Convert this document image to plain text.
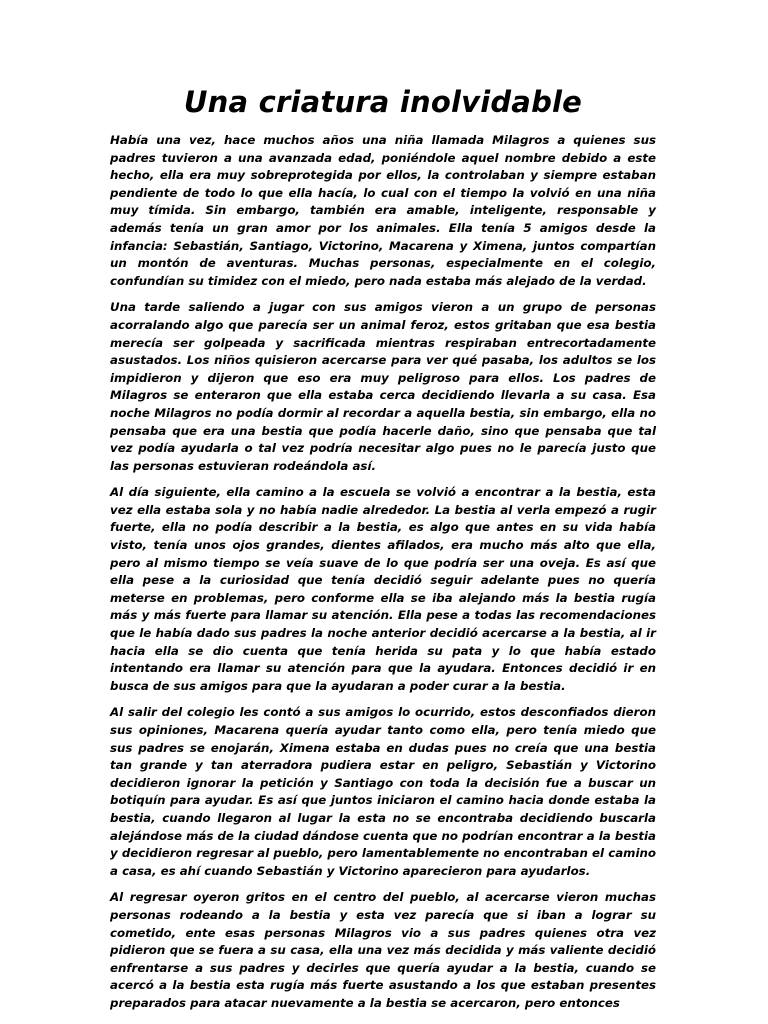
Una criatura inolvidable

Había una vez, hace muchos años una niña llamada Milagros a quienes sus padres tuvieron a una avanzada edad, poniéndole aquel nombre debido a este hecho, ella era muy sobreprotegida por ellos, la controlaban y siempre estaban pendiente de todo lo que ella hacía, lo cual con el tiempo la volvió en una niña muy tímida. Sin embargo, también era amable, inteligente, responsable y además tenía un gran amor por los animales. Ella tenía 5 amigos desde la infancia: Sebastián, Santiago, Victorino, Macarena y Ximena, juntos compartían un montón de aventuras. Muchas personas, especialmente en el colegio, confundían su timidez con el miedo, pero nada estaba más alejado de la verdad.

Una tarde saliendo a jugar con sus amigos vieron a un grupo de personas acorralando algo que parecía ser un animal feroz, estos gritaban que esa bestia merecía ser golpeada y sacrificada mientras respiraban entrecortadamente asustados. Los niños quisieron acercarse para ver qué pasaba, los adultos se los impidieron y dijeron que eso era muy peligroso para ellos. Los padres de Milagros se enteraron que ella estaba cerca decidiendo llevarla a su casa. Esa noche Milagros no podía dormir al recordar a aquella bestia, sin embargo, ella no pensaba que era una bestia que podía hacerle daño, sino que pensaba que tal vez podía ayudarla o tal vez podría necesitar algo pues no le parecía justo que las personas estuvieran rodeándola así.

Al día siguiente, ella camino a la escuela se volvió a encontrar a la bestia, esta vez ella estaba sola y no había nadie alrededor. La bestia al verla empezó a rugir fuerte, ella no podía describir a la bestia, es algo que antes en su vida había visto, tenía unos ojos grandes, dientes afilados, era mucho más alto que ella, pero al mismo tiempo se veía suave de lo que podría ser una oveja. Es así que ella pese a la curiosidad que tenía decidió seguir adelante pues no quería meterse en problemas, pero conforme ella se iba alejando más la bestia rugía más y más fuerte para llamar su atención. Ella pese a todas las recomendaciones que le había dado sus padres la noche anterior decidió acercarse a la bestia, al ir hacia ella se dio cuenta que tenía herida su pata y lo que había estado intentando era llamar su atención para que la ayudara. Entonces decidió ir en busca de sus amigos para que la ayudaran a poder curar a la bestia.

Al salir del colegio les contó a sus amigos lo ocurrido, estos desconfiados dieron sus opiniones, Macarena quería ayudar tanto como ella, pero tenía miedo que sus padres se enojarán, Ximena estaba en dudas pues no creía que una bestia tan grande y tan aterradora pudiera estar en peligro, Sebastián y Victorino decidieron ignorar la petición y Santiago con toda la decisión fue a buscar un botiquín para ayudar. Es así que juntos iniciaron el camino hacia donde estaba la bestia, cuando llegaron al lugar la esta no se encontraba decidiendo buscarla alejándose más de la ciudad dándose cuenta que no podrían encontrar a la bestia y decidieron regresar al pueblo, pero lamentablemente no encontraban el camino a casa, es ahí cuando Sebastián y Victorino aparecieron para ayudarlos.

Al regresar oyeron gritos en el centro del pueblo, al acercarse vieron muchas personas rodeando a la bestia y esta vez parecía que si iban a lograr su cometido, ente esas personas Milagros vio a sus padres quienes otra vez pidieron que se fuera a su casa, ella una vez más decidida y más valiente decidió enfrentarse a sus padres y decirles que quería ayudar a la bestia, cuando se acercó a la bestia esta rugía más fuerte asustando a los que estaban presentes preparados para atacar nuevamente a la bestia se acercaron, pero entonces
